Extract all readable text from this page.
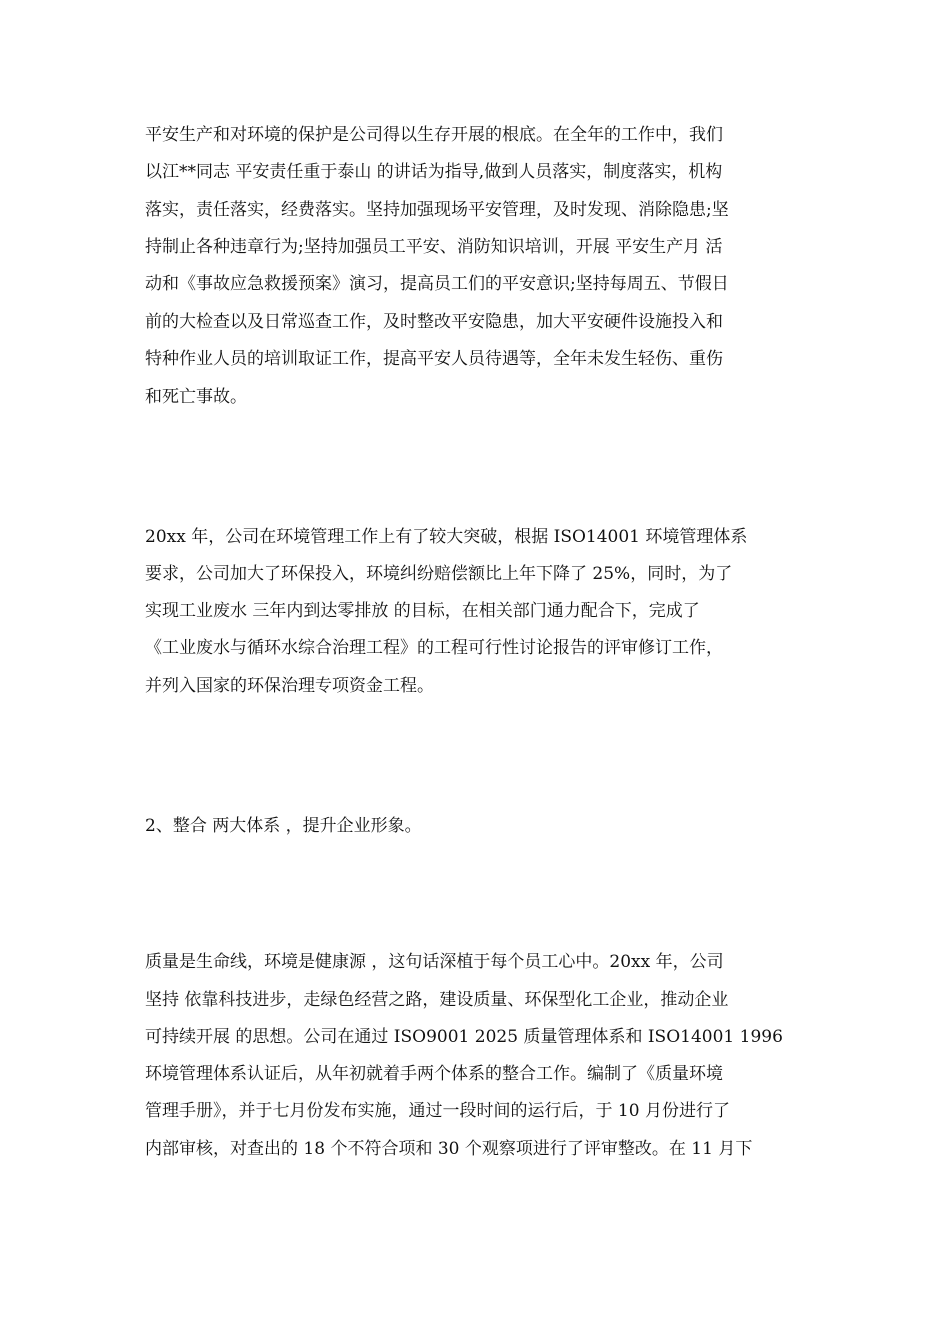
平安生产和对环境的保护是公司得以生存开展的根底。在全年的工作中，我们
以江**同志 平安责任重于泰山 的讲话为指导,做到人员落实，制度落实，机构
落实，责任落实，经费落实。坚持加强现场平安管理，及时发现、消除隐患;坚
持制止各种违章行为;坚持加强员工平安、消防知识培训，开展 平安生产月 活
动和《事故应急救援预案》演习，提高员工们的平安意识;坚持每周五、节假日
前的大检查以及日常巡查工作，及时整改平安隐患，加大平安硬件设施投入和
特种作业人员的培训取证工作，提高平安人员待遇等，全年未发生轻伤、重伤
和死亡事故。
20xx 年，公司在环境管理工作上有了较大突破，根据 ISO14001 环境管理体系
要求，公司加大了环保投入，环境纠纷赔偿额比上年下降了 25%，同时，为了
实现工业废水 三年内到达零排放 的目标，在相关部门通力配合下，完成了
《工业废水与循环水综合治理工程》的工程可行性讨论报告的评审修订工作，
并列入国家的环保治理专项资金工程。
2、整合 两大体系 ，提升企业形象。
质量是生命线，环境是健康源 ，这句话深植于每个员工心中。20xx 年，公司
坚持 依靠科技进步，走绿色经营之路，建设质量、环保型化工企业，推动企业
可持续开展 的思想。公司在通过 ISO9001 2025 质量管理体系和 ISO14001 1996
环境管理体系认证后，从年初就着手两个体系的整合工作。编制了《质量环境
管理手册》，并于七月份发布实施，通过一段时间的运行后，于 10 月份进行了
内部审核，对查出的 18 个不符合项和 30 个观察项进行了评审整改。在 11 月下
